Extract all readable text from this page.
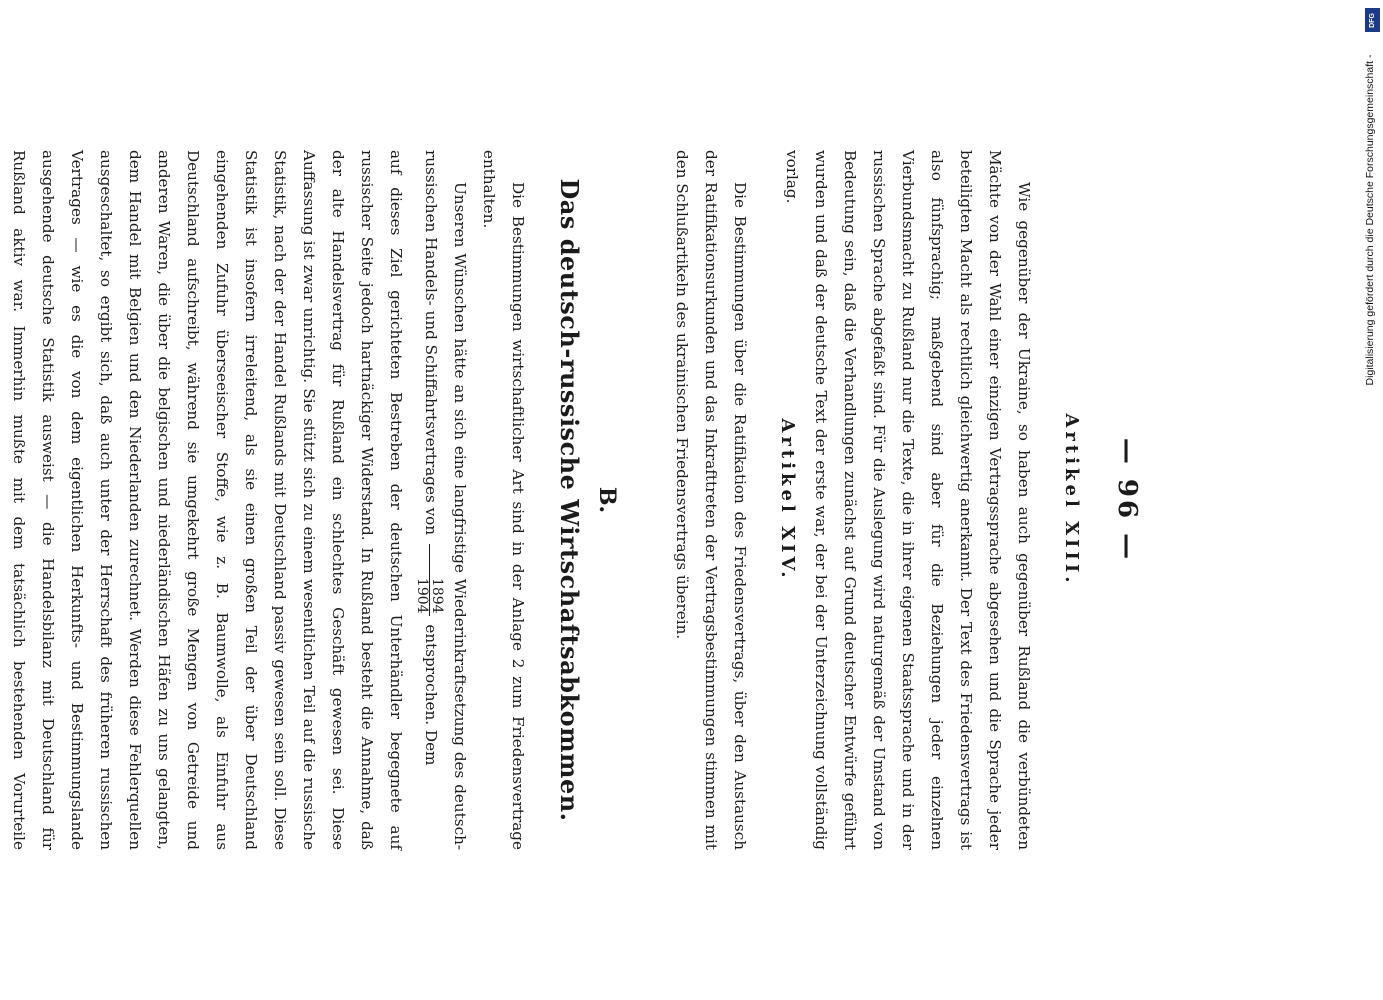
— 96 —
Artikel XIII.

Wie gegenüber der Ukraine, so haben auch gegenüber Rußland die verbündeten Mächte von der Wahl einer einzigen Vertragssprache abgesehen und die Sprache jeder beteiligten Macht als rechtlich gleichwertig anerkannt. Der Text des Friedensvertrags ist also fünfsprachig; maßgebend sind aber für die Beziehungen jeder einzelnen Vierbundsmacht zu Rußland nur die Texte, die in ihrer eigenen Staatssprache und in der russischen Sprache abgefaßt sind. Für die Auslegung wird naturgemäß der Umstand von Bedeutung sein, daß die Verhandlungen zunächst auf Grund deutscher Entwürfe geführt wurden und daß der deutsche Text der erste war, der bei der Unterzeichnung vollständig vorlag.

Artikel XIV.

Die Bestimmungen über die Ratifikation des Friedensvertrags, über den Austausch der Ratifikationsurkunden und das Inkrafttreten der Vertragsbestimmungen stimmen mit den Schlußartikeln des ukrainischen Friedensvertrags überein.

B.
Das deutsch-russische Wirtschaftsabkommen.

Die Bestimmungen wirtschaftlicher Art sind in der Anlage 2 zum Friedensvertrage enthalten.

Unseren Wünschen hätte an sich eine langfristige Wiederinkraftsetzung des deutsch-russischen Handels- und Schiffahrtsvertrages von
1894
1904
entsprochen. Dem

auf dieses Ziel gerichteten Bestreben der deutschen Unterhändler begegnete auf russischer Seite jedoch hartnäckiger Widerstand. In Rußland besteht die Annahme, daß der alte Handelsvertrag für Rußland ein schlechtes Geschäft gewesen sei. Diese Auffassung ist zwar unrichtig. Sie stützt sich zu einem wesentlichen Teil auf die russische Statistik, nach der der Handel Rußlands mit Deutschland passiv gewesen sein soll. Diese Statistik ist insofern irreleitend, als sie einen großen Teil der über Deutschland eingehenden Zufuhr überseeischer Stoffe, wie z. B. Baumwolle, als Einfuhr aus Deutschland aufschreibt, während sie umgekehrt große Mengen von Getreide und anderen Waren, die über die belgischen und niederländischen Häfen zu uns gelangten, dem Handel mit Belgien und den Niederlanden zurechnet. Werden diese Fehlerquellen ausgeschaltet, so ergibt sich, daß auch unter der Herrschaft des früheren russischen Vertrages — wie es die von dem eigentlichen Herkunfts- und Bestimmungslande ausgehende deutsche Statistik ausweist — die Handelsbilanz mit Deutschland für Rußland aktiv war. Immerhin mußte mit dem tatsächlich bestehenden Vorurteile

DFG
Digitalisierung gefördert durch die Deutsche Forschungsgemeinschaft -
